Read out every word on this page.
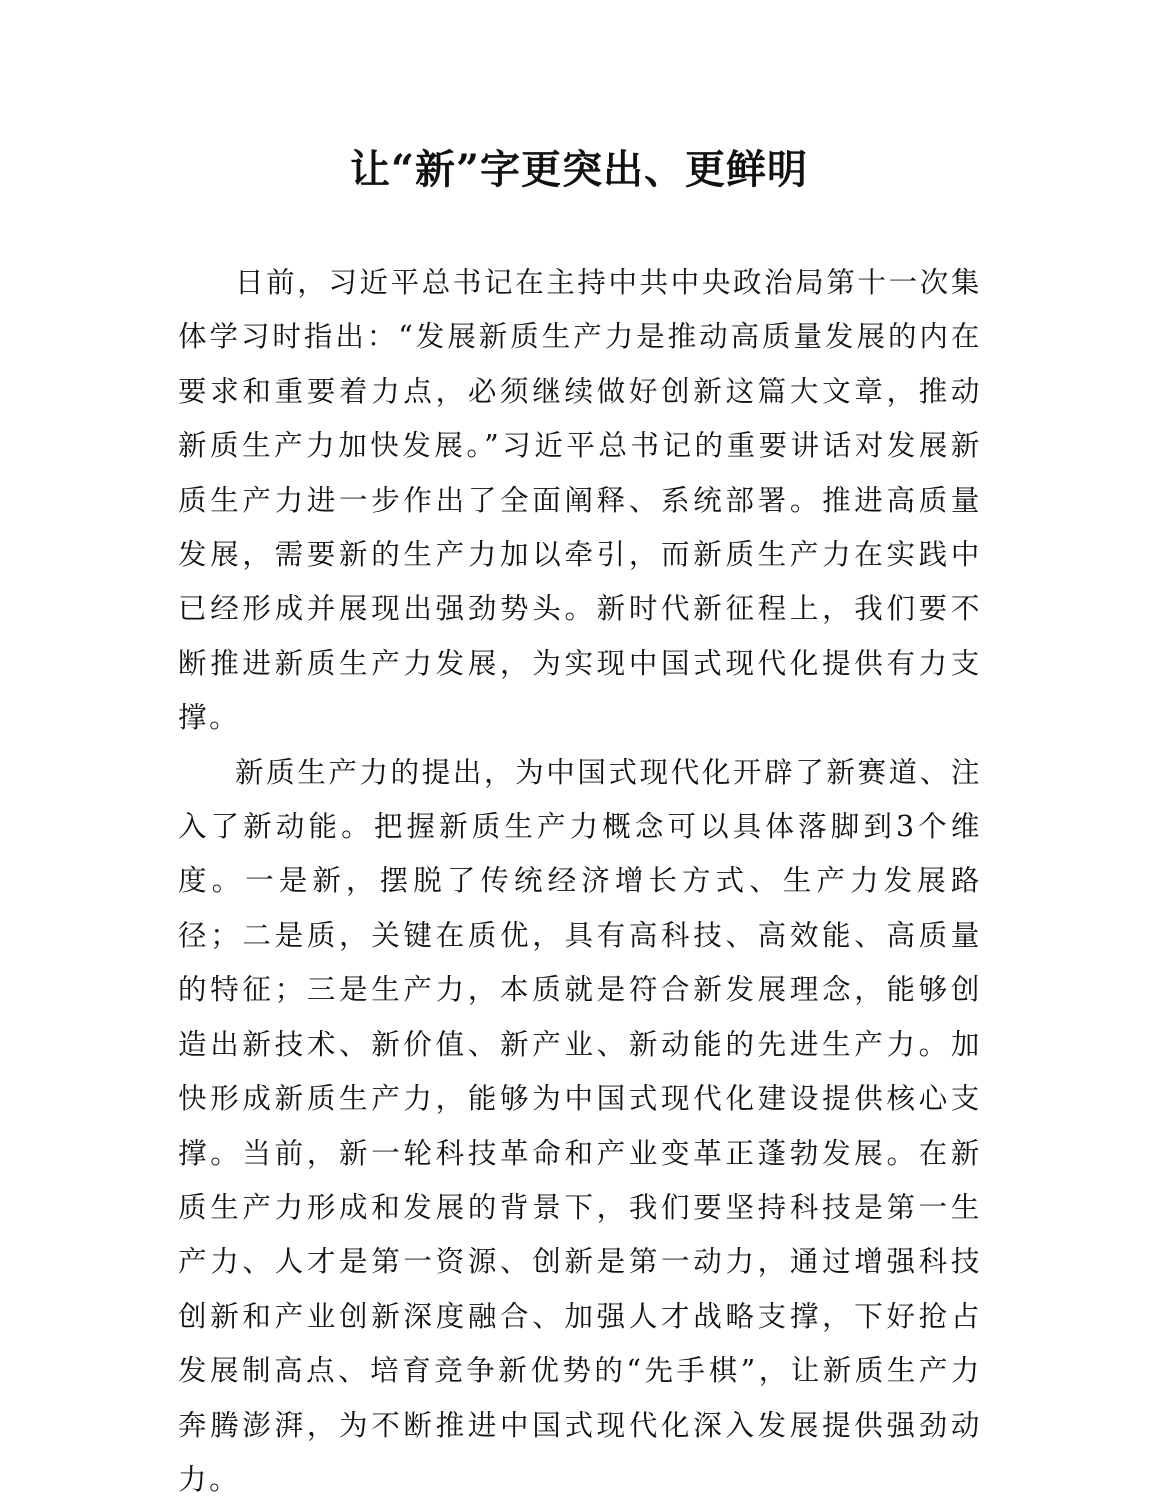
让“新”字更突出、更鲜明

日前，习近平总书记在主持中共中央政治局第十一次集体学习时指出：“发展新质生产力是推动高质量发展的内在要求和重要着力点，必须继续做好创新这篇大文章，推动新质生产力加快发展。”习近平总书记的重要讲话对发展新质生产力进一步作出了全面阐释、系统部署。推进高质量发展，需要新的生产力加以牵引，而新质生产力在实践中已经形成并展现出强劲势头。新时代新征程上，我们要不断推进新质生产力发展，为实现中国式现代化提供有力支撑。

新质生产力的提出，为中国式现代化开辟了新赛道、注入了新动能。把握新质生产力概念可以具体落脚到3个维度。一是新，摆脱了传统经济增长方式、生产力发展路径；二是质，关键在质优，具有高科技、高效能、高质量的特征；三是生产力，本质就是符合新发展理念，能够创造出新技术、新价值、新产业、新动能的先进生产力。加快形成新质生产力，能够为中国式现代化建设提供核心支撑。当前，新一轮科技革命和产业变革正蓬勃发展。在新质生产力形成和发展的背景下，我们要坚持科技是第一生产力、人才是第一资源、创新是第一动力，通过增强科技创新和产业创新深度融合、加强人才战略支撑，下好抢占发展制高点、培育竞争新优势的“先手棋”，让新质生产力奔腾澎湃，为不断推进中国式现代化深入发展提供强劲动力。
